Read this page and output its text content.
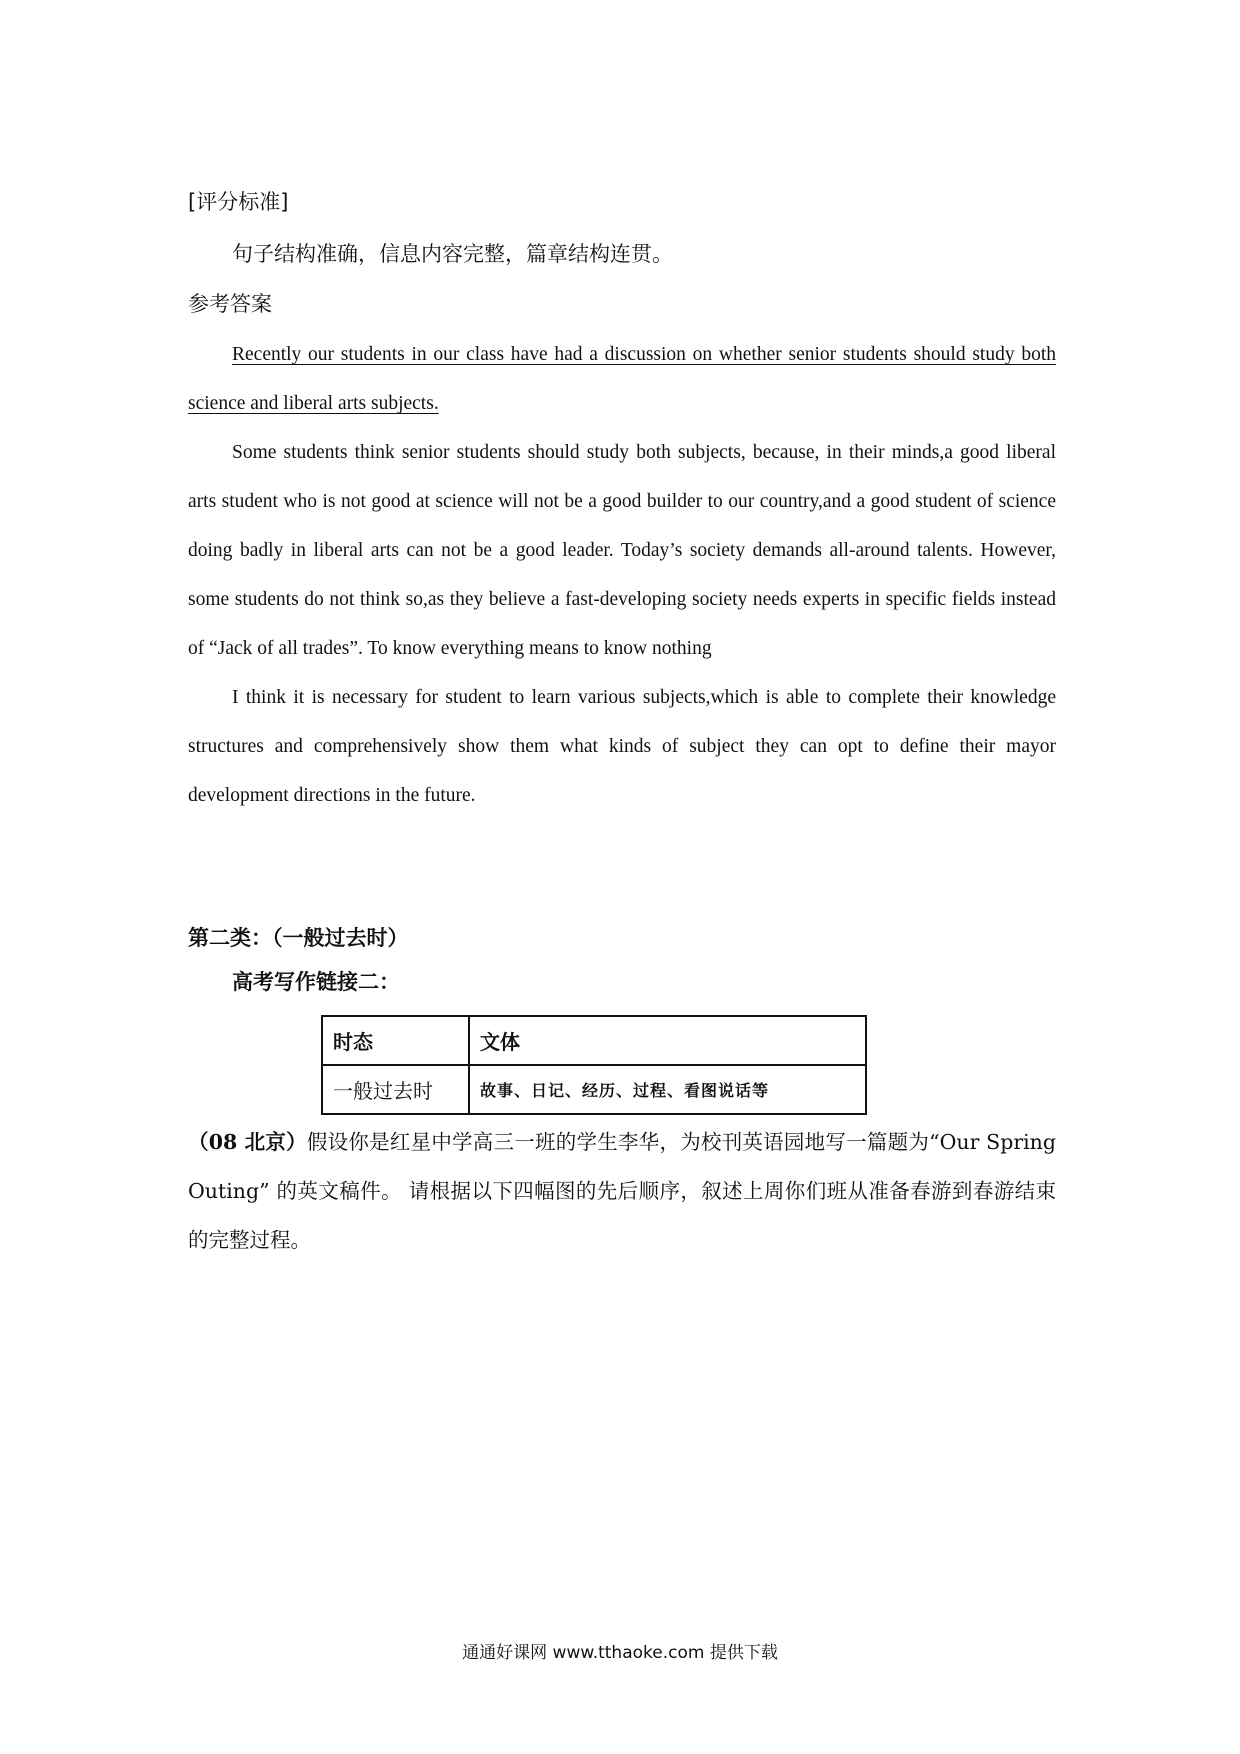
[评分标准]
句子结构准确，信息内容完整，篇章结构连贯。
参考答案

Recently our students in our class have had a discussion on whether senior students should study both science and liberal arts subjects.

Some students think senior students should study both subjects, because, in their minds,a good liberal arts student who is not good at science will not be a good builder to our country,and a good student of science doing badly in liberal arts can not be a good leader. Today’s society demands all-around talents. However, some students do not think so,as they believe a fast-developing society needs experts in specific fields instead of “Jack of all trades”. To know everything means to know nothing

I think it is necessary for student to learn various subjects,which is able to complete their knowledge structures and comprehensively show them what kinds of subject they can opt to define their mayor development directions in the future.

第二类：（一般过去时）
高考写作链接二：
时态	文体
一般过去时	故事、日记、经历、过程、看图说话等
（08 北京）假设你是红星中学高三一班的学生李华，为校刊英语园地写一篇题为“Our Spring Outing” 的英文稿件。 请根据以下四幅图的先后顺序，叙述上周你们班从准备春游到春游结束的完整过程。
通通好课网 www.tthaoke.com 提供下载
